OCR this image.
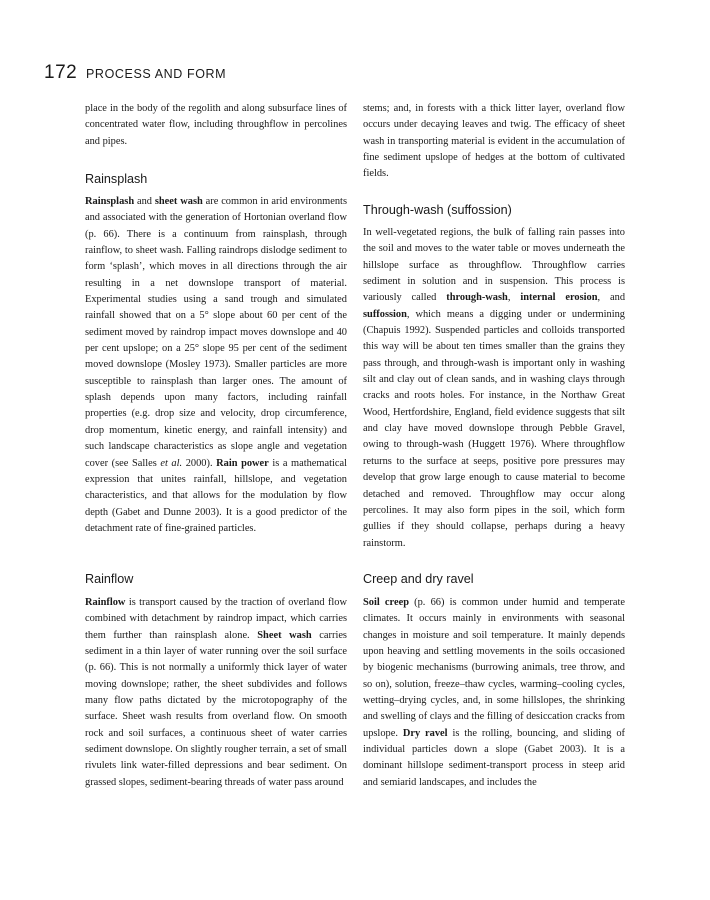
172 PROCESS AND FORM

place in the body of the regolith and along subsurface lines of concentrated water flow, including throughflow in percolines and pipes.

Rainsplash

Rainsplash and sheet wash are common in arid environments and associated with the generation of Hortonian overland flow (p. 66). There is a continuum from rainsplash, through rainflow, to sheet wash. Falling raindrops dislodge sediment to form ‘splash’, which moves in all directions through the air resulting in a net downslope transport of material. Experimental studies using a sand trough and simulated rainfall showed that on a 5° slope about 60 per cent of the sediment moved by raindrop impact moves downslope and 40 per cent upslope; on a 25° slope 95 per cent of the sediment moved downslope (Mosley 1973). Smaller particles are more susceptible to rainsplash than larger ones. The amount of splash depends upon many factors, including rainfall properties (e.g. drop size and velocity, drop circumference, drop momentum, kinetic energy, and rainfall intensity) and such landscape characteristics as slope angle and vegetation cover (see Salles et al. 2000). Rain power is a mathematical expression that unites rainfall, hillslope, and vegetation characteristics, and that allows for the modulation by flow depth (Gabet and Dunne 2003). It is a good predictor of the detachment rate of fine-grained particles.

Rainflow

Rainflow is transport caused by the traction of overland flow combined with detachment by raindrop impact, which carries them further than rainsplash alone. Sheet wash carries sediment in a thin layer of water running over the soil surface (p. 66). This is not normally a uniformly thick layer of water moving downslope; rather, the sheet subdivides and follows many flow paths dictated by the microtopography of the surface. Sheet wash results from overland flow. On smooth rock and soil surfaces, a continuous sheet of water carries sediment downslope. On slightly rougher terrain, a set of small rivulets link water-filled depressions and bear sediment. On grassed slopes, sediment-bearing threads of water pass around

stems; and, in forests with a thick litter layer, overland flow occurs under decaying leaves and twig. The efficacy of sheet wash in transporting material is evident in the accumulation of fine sediment upslope of hedges at the bottom of cultivated fields.

Through-wash (suffossion)

In well-vegetated regions, the bulk of falling rain passes into the soil and moves to the water table or moves underneath the hillslope surface as throughflow. Throughflow carries sediment in solution and in suspension. This process is variously called through-wash, internal erosion, and suffossion, which means a digging under or undermining (Chapuis 1992). Suspended particles and colloids transported this way will be about ten times smaller than the grains they pass through, and through-wash is important only in washing silt and clay out of clean sands, and in washing clays through cracks and roots holes. For instance, in the Northaw Great Wood, Hertfordshire, England, field evidence suggests that silt and clay have moved downslope through Pebble Gravel, owing to through-wash (Huggett 1976). Where throughflow returns to the surface at seeps, positive pore pressures may develop that grow large enough to cause material to become detached and removed. Throughflow may occur along percolines. It may also form pipes in the soil, which form gullies if they should collapse, perhaps during a heavy rainstorm.

Creep and dry ravel

Soil creep (p. 66) is common under humid and temperate climates. It occurs mainly in environments with seasonal changes in moisture and soil temperature. It mainly depends upon heaving and settling movements in the soils occasioned by biogenic mechanisms (burrowing animals, tree throw, and so on), solution, freeze–thaw cycles, warming–cooling cycles, wetting–drying cycles, and, in some hillslopes, the shrinking and swelling of clays and the filling of desiccation cracks from upslope. Dry ravel is the rolling, bouncing, and sliding of individual particles down a slope (Gabet 2003). It is a dominant hillslope sediment-transport process in steep arid and semiarid landscapes, and includes the
